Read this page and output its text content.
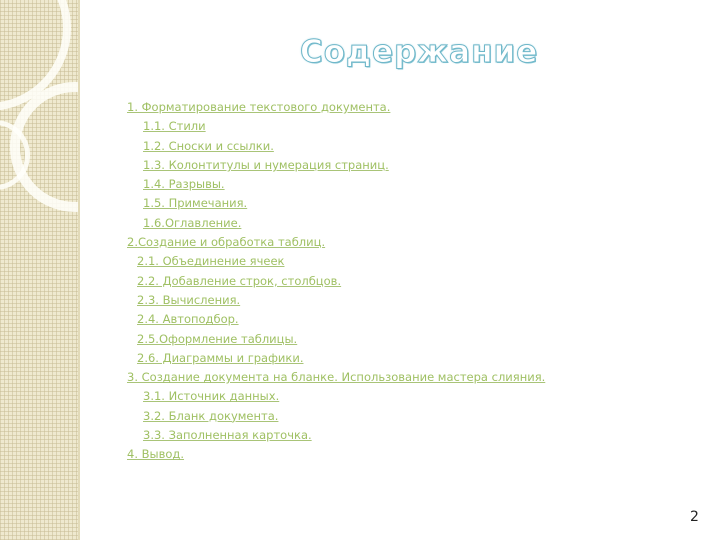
Содержание
1. Форматирование текстового документа.
1.1. Стили
1.2. Сноски и ссылки.
1.3. Колонтитулы и нумерация страниц.
1.4. Разрывы.
1.5. Примечания.
1.6.Оглавление.
2.Создание и обработка таблиц.
2.1. Объединение ячеек
2.2. Добавление строк, столбцов.
2.3. Вычисления.
2.4. Автоподбор.
2.5.Оформление таблицы.
2.6. Диаграммы и графики.
3. Создание документа на бланке. Использование мастера слияния.
3.1. Источник данных.
3.2. Бланк документа.
3.3. Заполненная карточка.
4. Вывод.
2
